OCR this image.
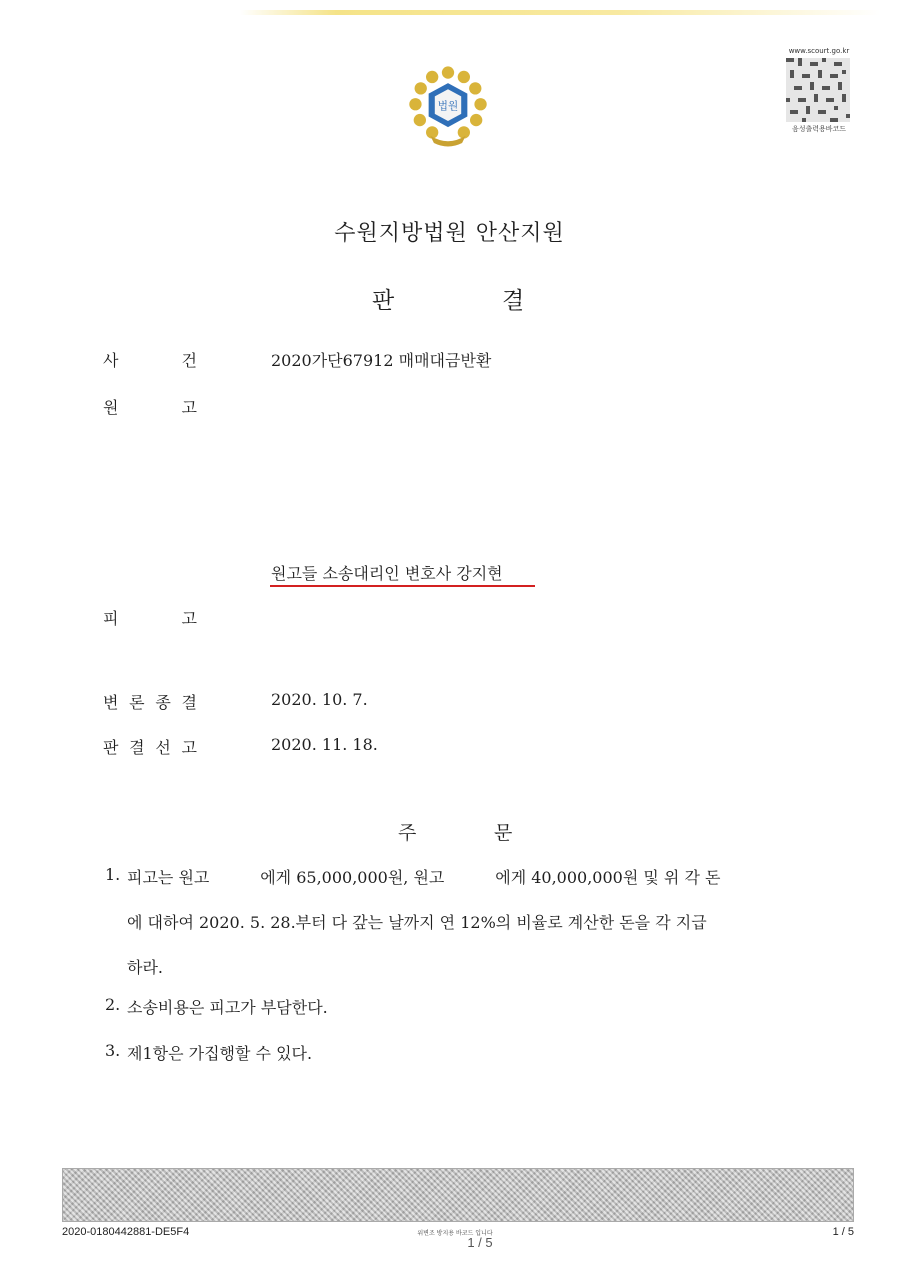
법원
www.scourt.go.kr
음성출력용바코드
수원지방법원 안산지원
판	결
사	건	2020가단67912 매매대금반환
원	고
원고들 소송대리인 변호사 강지현
피	고
변 론 종 결	2020. 10. 7.
판 결 선 고	2020. 11. 18.
주	문
1. 피고는 원고          에게 65,000,000원, 원고          에게 40,000,000원 및 위 각 돈
에 대하여 2020. 5. 28.부터 다 갚는 날까지 연 12%의 비율로 계산한 돈을 각 지급
하라.
2. 소송비용은 피고가 부담한다.
3. 제1항은 가집행할 수 있다.
2020-0180442881-DE5F4	위변조 방지용 바코드 입니다
1 / 5
1 / 5
